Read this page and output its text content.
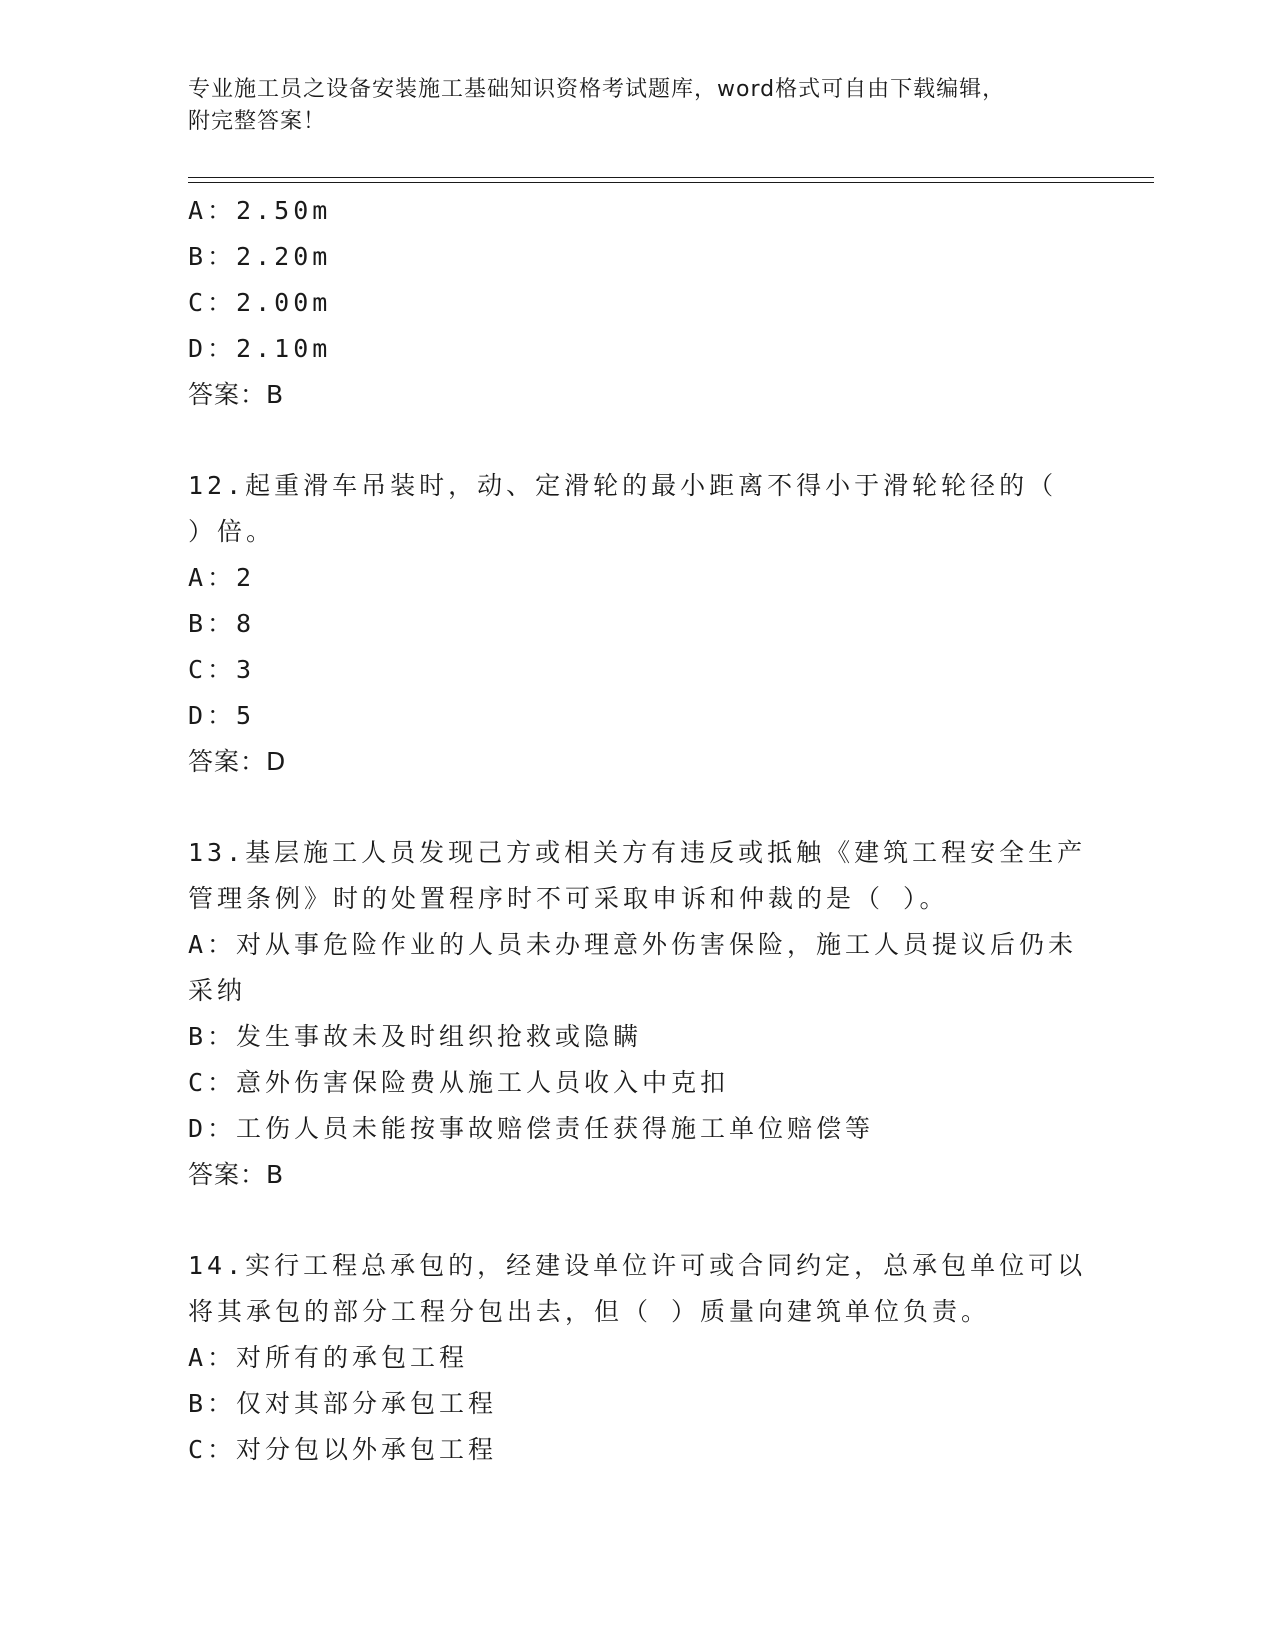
专业施工员之设备安装施工基础知识资格考试题库，word格式可自由下载编辑，
附完整答案！
A：2.50m
B：2.20m
C：2.00m
D：2.10m
答案：B
12.起重滑车吊装时，动、定滑轮的最小距离不得小于滑轮轮径的（
）倍。
A：2
B：8
C：3
D：5
答案：D
13.基层施工人员发现己方或相关方有违反或抵触《建筑工程安全生产
管理条例》时的处置程序时不可采取申诉和仲裁的是（ ）。
A：对从事危险作业的人员未办理意外伤害保险，施工人员提议后仍未
采纳
B：发生事故未及时组织抢救或隐瞒
C：意外伤害保险费从施工人员收入中克扣
D：工伤人员未能按事故赔偿责任获得施工单位赔偿等
答案：B
14.实行工程总承包的，经建设单位许可或合同约定，总承包单位可以
将其承包的部分工程分包出去，但（ ）质量向建筑单位负责。
A：对所有的承包工程
B：仅对其部分承包工程
C：对分包以外承包工程
